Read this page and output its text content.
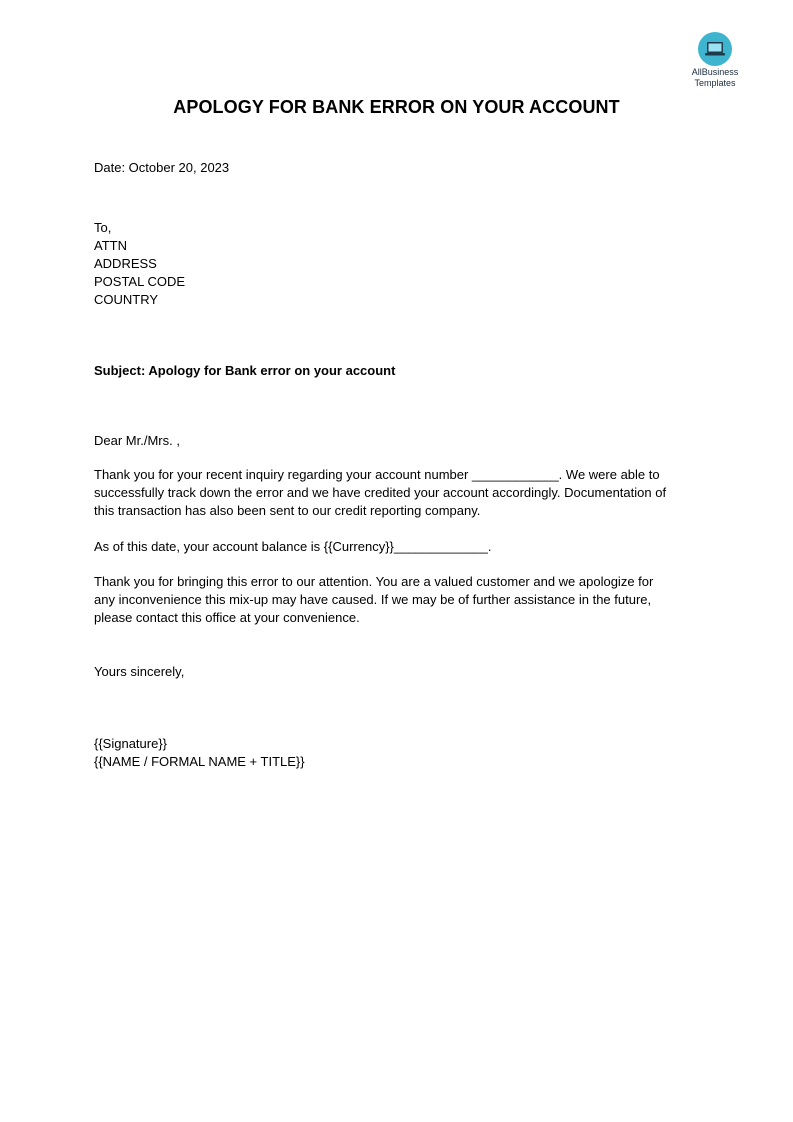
AllBusiness
Templates
APOLOGY FOR BANK ERROR ON YOUR ACCOUNT

Date: October 20, 2023

To,

ATTN

ADDRESS

POSTAL CODE

COUNTRY

Subject: Apology for Bank error on your account

Dear Mr./Mrs. ,

Thank you for your recent inquiry regarding your account number ____________. We were able to

successfully track down the error and we have credited your account accordingly. Documentation of

this transaction has also been sent to our credit reporting company.

As of this date, your account balance is {{Currency}}_____________.

Thank you for bringing this error to our attention. You are a valued customer and we apologize for

any inconvenience this mix-up may have caused. If we may be of further assistance in the future,

please contact this office at your convenience.

Yours sincerely,

{{Signature}}

{{NAME / FORMAL NAME + TITLE}}
